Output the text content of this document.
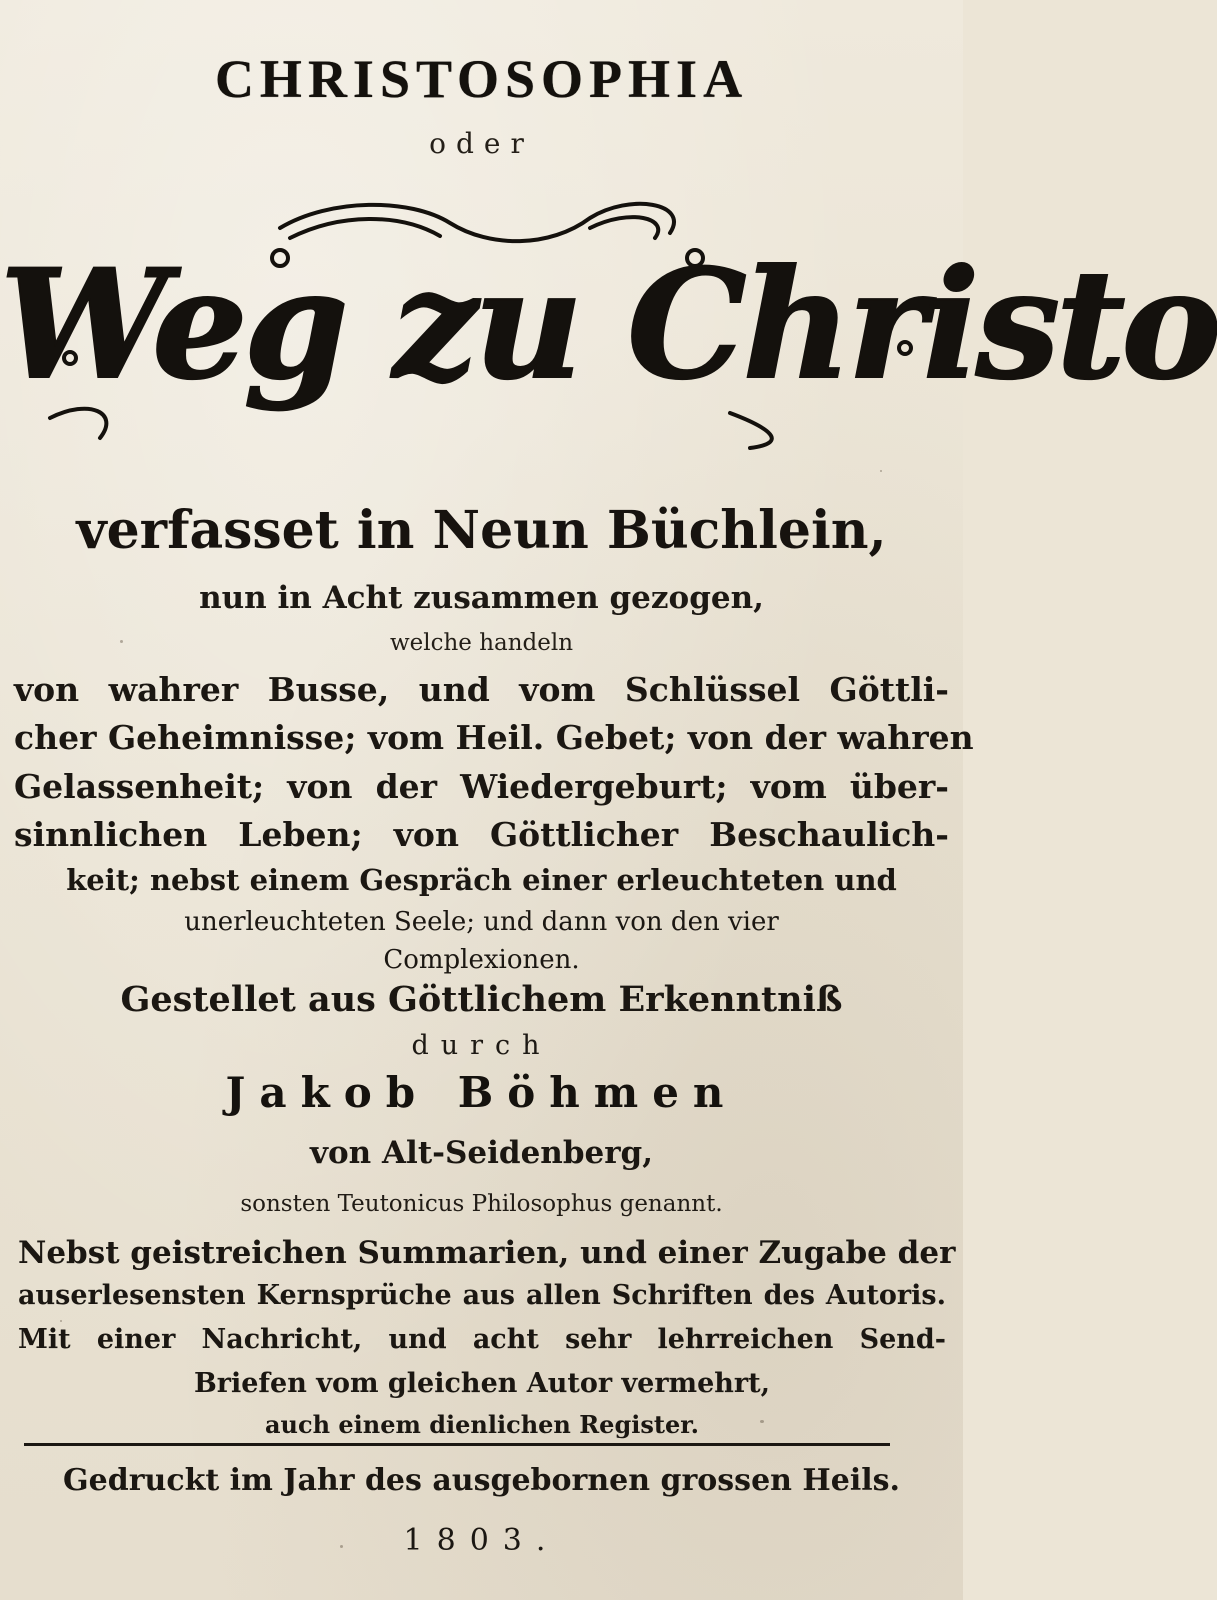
CHRISTOSOPHIA
oder
Weg zu Christo
verfasset in Neun Büchlein,
nun in Acht zusammen gezogen,
welche handeln
von wahrer Busse, und vom Schlüssel Göttli-
cher Geheimnisse; vom Heil. Gebet; von der wahren
Gelassenheit; von der Wiedergeburt; vom über-
sinnlichen Leben; von Göttlicher Beschaulich-
keit; nebst einem Gespräch einer erleuchteten und
unerleuchteten Seele; und dann von den vier
Complexionen.
Gestellet aus Göttlichem Erkenntniß
durch
Jakob Böhmen
von Alt-Seidenberg,
sonsten Teutonicus Philosophus genannt.
Nebst geistreichen Summarien, und einer Zugabe der
auserlesensten Kernsprüche aus allen Schriften des Autoris.
Mit einer Nachricht, und acht sehr lehrreichen Send-
Briefen vom gleichen Autor vermehrt,
auch einem dienlichen Register.
Gedruckt im Jahr des ausgebornen grossen Heils.
1803.
